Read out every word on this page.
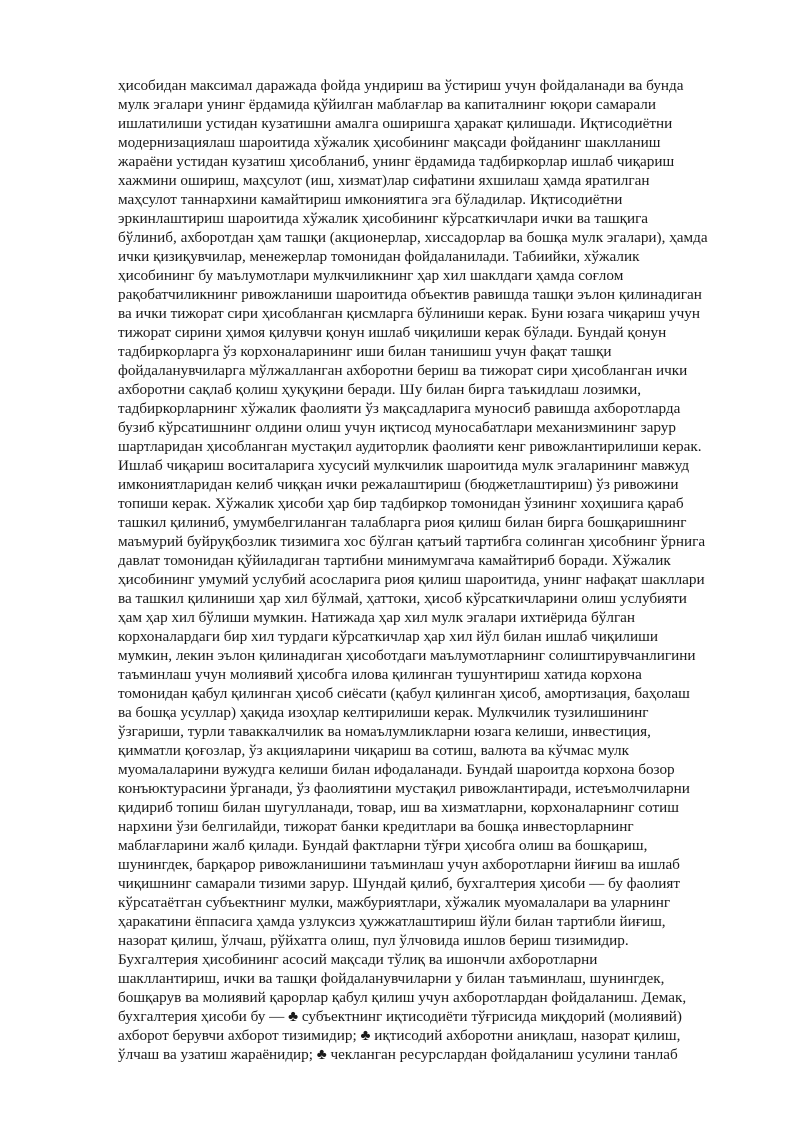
ҳисобидан максимал даражада фойда ундириш ва ўстириш учун фойдаланади ва бунда
мулк эгалари унинг ёрдамида қўйилган маблағлар ва капиталнинг юқори самарали
ишлатилиши устидан кузатишни амалга оширишга ҳаракат қилишади. Иқтисодиётни
модернизациялаш шароитида хўжалик ҳисобининг мақсади фойданинг шаклланиш
жараёни устидан кузатиш ҳисобланиб, унинг ёрдамида тадбиркорлар ишлаб чиқариш
хажмини ошириш, маҳсулот (иш, хизмат)лар сифатини яхшилаш ҳамда яратилган
маҳсулот таннархини камайтириш имкониятига эга бўладилар. Иқтисодиётни
эркинлаштириш шароитида хўжалик ҳисобининг кўрсаткичлари ички ва ташқига
бўлиниб, ахборотдан ҳам ташқи (акционерлар, хиссадорлар ва бошқа мулк эгалари), ҳамда
ички қизиқувчилар, менежерлар томонидан фойдаланилади. Табиийки, хўжалик
ҳисобининг бу маълумотлари мулкчиликнинг ҳар хил шаклдаги ҳамда соғлом
рақобатчиликнинг ривожланиши шароитида объектив равишда ташқи эълон қилинадиган
ва ички тижорат сири ҳисобланган қисмларга бўлиниши керак. Буни юзага чиқариш учун
тижорат сирини ҳимоя қилувчи қонун ишлаб чиқилиши керак бўлади. Бундай қонун
тадбиркорларга ўз корхоналарининг иши билан танишиш учун фақат ташқи
фойдаланувчиларга мўлжалланган ахборотни бериш ва тижорат сири ҳисобланган ички
ахборотни сақлаб қолиш ҳуқуқини беради. Шу билан бирга таъкидлаш лозимки,
тадбиркорларнинг хўжалик фаолияти ўз мақсадларига муносиб равишда ахборотларда
бузиб кўрсатишнинг олдини олиш учун иқтисод муносабатлари механизмининг зарур
шартларидан ҳисобланган мустақил аудиторлик фаолияти кенг ривожлантирилиши керак.
Ишлаб чиқариш воситаларига хусусий мулкчилик шароитида мулк эгаларининг мавжуд
имкониятларидан келиб чиққан ички режалаштириш (бюджетлаштириш) ўз ривожини
топиши керак. Хўжалик ҳисоби ҳар бир тадбиркор томонидан ўзининг хоҳишига қараб
ташкил қилиниб, умумбелгиланган талабларга риоя қилиш билан бирга бошқаришнинг
маъмурий буйруқбозлик тизимига хос бўлган қатъий тартибга солинган ҳисобнинг ўрнига
давлат томонидан қўйиладиган тартибни минимумгача камайтириб боради. Хўжалик
ҳисобининг умумий услубий асосларига риоя қилиш шароитида, унинг нафақат шакллари
ва ташкил қилиниши ҳар хил бўлмай, ҳаттоки, ҳисоб кўрсаткичларини олиш услубияти
ҳам ҳар хил бўлиши мумкин. Натижада ҳар хил мулк эгалари ихтиёрида бўлган
корхоналардаги бир хил турдаги кўрсаткичлар ҳар хил йўл билан ишлаб чиқилиши
мумкин, лекин эълон қилинадиган ҳисоботдаги маълумотларнинг солиштирувчанлигини
таъминлаш учун молиявий ҳисобга илова қилинган тушунтириш хатида корхона
томонидан қабул қилинган ҳисоб сиёсати (қабул қилинган ҳисоб, амортизация, баҳолаш
ва бошқа усуллар) ҳақида изоҳлар келтирилиши керак. Мулкчилик тузилишининг
ўзгариши, турли таваккалчилик ва номаълумликларни юзага келиши, инвестиция,
қимматли қоғозлар, ўз акцияларини чиқариш ва сотиш, валюта ва кўчмас мулк
муомалаларини вужудга келиши билан ифодаланади. Бундай шароитда корхона бозор
конъюктурасини ўрганади, ўз фаолиятини мустақил ривожлантиради, истеъмолчиларни
қидириб топиш билан шугулланади, товар, иш ва хизматларни, корхоналарнинг сотиш
нархини ўзи белгилайди, тижорат банки кредитлари ва бошқа инвесторларнинг
маблағларини жалб қилади. Бундай фактларни тўғри ҳисобга олиш ва бошқариш,
шунингдек, барқарор ривожланишини таъминлаш учун ахборотларни йиғиш ва ишлаб
чиқишнинг самарали тизими зарур. Шундай қилиб, бухгалтерия ҳисоби — бу фаолият
кўрсатаётган субъектнинг мулки, мажбуриятлари, хўжалик муомалалари ва уларнинг
ҳаракатини ёппасига ҳамда узлуксиз ҳужжатлаштириш йўли билан тартибли йиғиш,
назорат қилиш, ўлчаш, рўйхатга олиш, пул ўлчовида ишлов бериш тизимидир.
Бухгалтерия ҳисобининг асосий мақсади тўлиқ ва ишончли ахборотларни
шакллантириш, ички ва ташқи фойдаланувчиларни у билан таъминлаш, шунингдек,
бошқарув ва молиявий қарорлар қабул қилиш учун ахборотлардан фойдаланиш. Демак,
бухгалтерия ҳисоби бу — ♣ субъектнинг иқтисодиёти тўғрисида миқдорий (молиявий)
ахборот берувчи ахборот тизимидир; ♣ иқтисодий ахборотни аниқлаш, назорат қилиш,
ўлчаш ва узатиш жараёнидир; ♣ чекланган ресурслардан фойдаланиш усулини танлаб
